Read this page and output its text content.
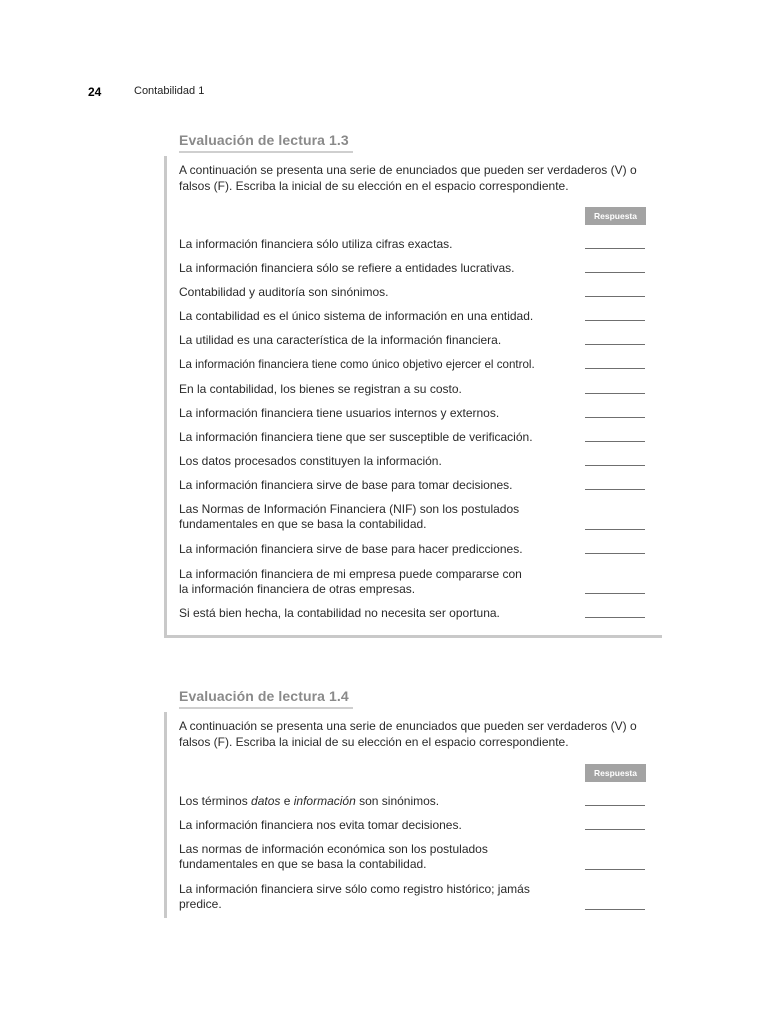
24	Contabilidad 1
Evaluación de lectura 1.3
A continuación se presenta una serie de enunciados que pueden ser verdaderos (V) o falsos (F). Escriba la inicial de su elección en el espacio correspondiente.
Respuesta
La información financiera sólo utiliza cifras exactas.
La información financiera sólo se refiere a entidades lucrativas.
Contabilidad y auditoría son sinónimos.
La contabilidad es el único sistema de información en una entidad.
La utilidad es una característica de la información financiera.
La información financiera tiene como único objetivo ejercer el control.
En la contabilidad, los bienes se registran a su costo.
La información financiera tiene usuarios internos y externos.
La información financiera tiene que ser susceptible de verificación.
Los datos procesados constituyen la información.
La información financiera sirve de base para tomar decisiones.
Las Normas de Información Financiera (NIF) son los postulados fundamentales en que se basa la contabilidad.
La información financiera sirve de base para hacer predicciones.
La información financiera de mi empresa puede compararse con la información financiera de otras empresas.
Si está bien hecha, la contabilidad no necesita ser oportuna.
Evaluación de lectura 1.4
A continuación se presenta una serie de enunciados que pueden ser verdaderos (V) o falsos (F). Escriba la inicial de su elección en el espacio correspondiente.
Respuesta
Los términos datos e información son sinónimos.
La información financiera nos evita tomar decisiones.
Las normas de información económica son los postulados fundamentales en que se basa la contabilidad.
La información financiera sirve sólo como registro histórico; jamás predice.
